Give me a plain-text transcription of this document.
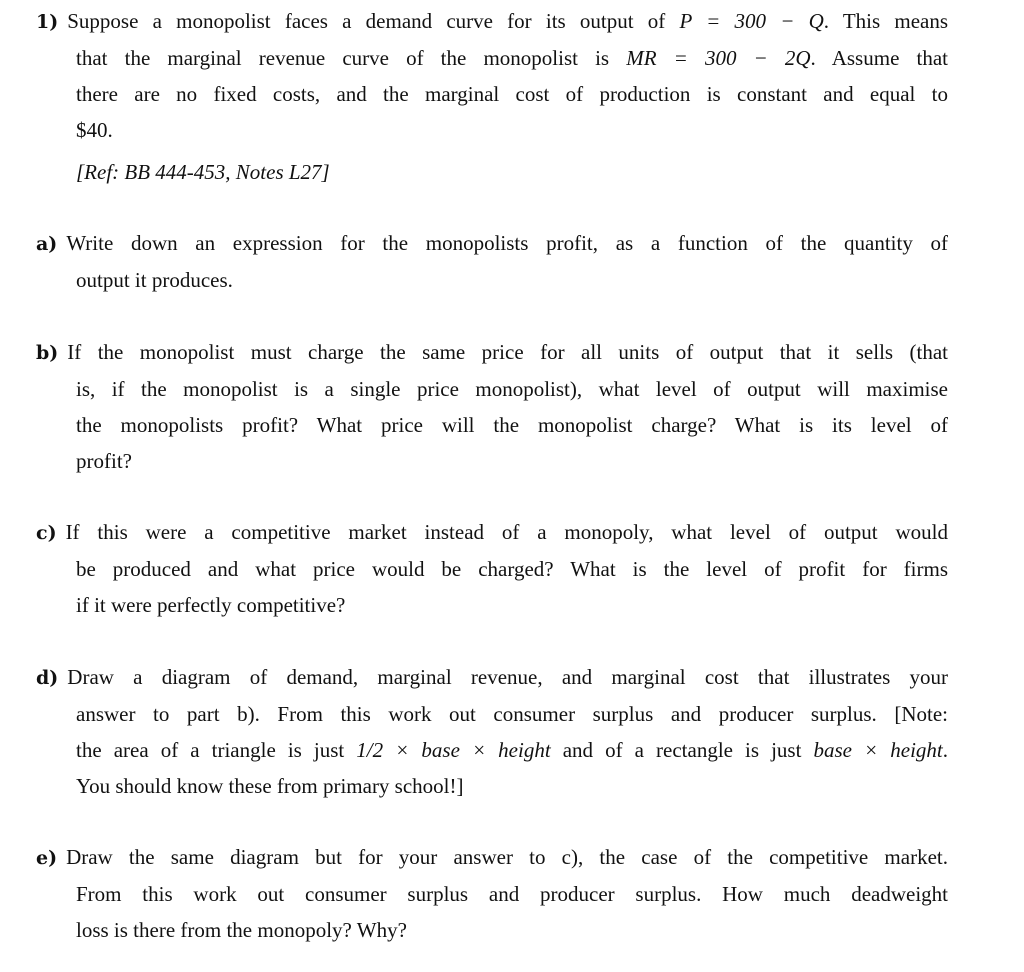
1) Suppose a monopolist faces a demand curve for its output of P = 300 − Q. This means
that the marginal revenue curve of the monopolist is MR = 300 − 2Q. Assume that
there are no fixed costs, and the marginal cost of production is constant and equal to
$40.
[Ref: BB 444-453, Notes L27]
a) Write down an expression for the monopolists profit, as a function of the quantity of
output it produces.
b) If the monopolist must charge the same price for all units of output that it sells (that
is, if the monopolist is a single price monopolist), what level of output will maximise
the monopolists profit? What price will the monopolist charge? What is its level of
profit?
c) If this were a competitive market instead of a monopoly, what level of output would
be produced and what price would be charged? What is the level of profit for firms
if it were perfectly competitive?
d) Draw a diagram of demand, marginal revenue, and marginal cost that illustrates your
answer to part b). From this work out consumer surplus and producer surplus. [Note:
the area of a triangle is just 1/2 × base × height and of a rectangle is just base × height.
You should know these from primary school!]
e) Draw the same diagram but for your answer to c), the case of the competitive market.
From this work out consumer surplus and producer surplus. How much deadweight
loss is there from the monopoly? Why?
